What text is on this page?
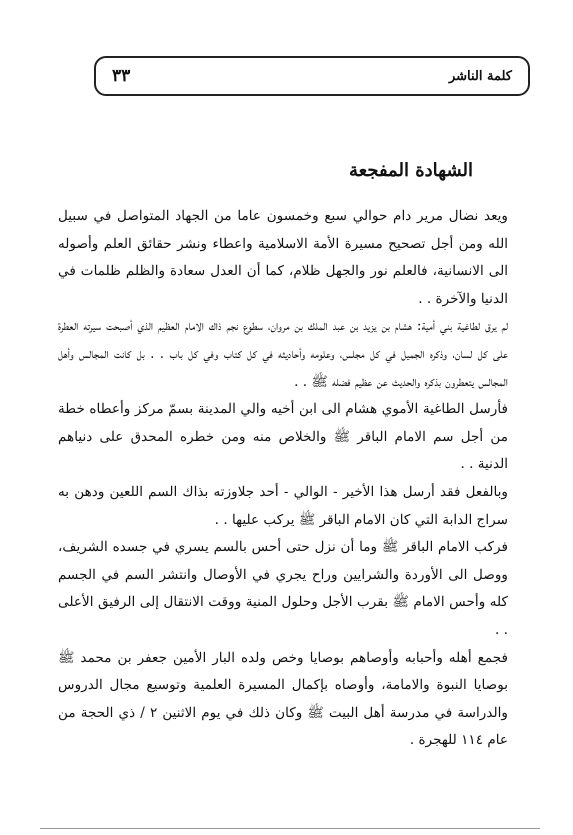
٣٣	كلمة الناشر
الشهادة المفجعة

ويعد نضال مرير دام حوالي سبع وخمسون عاما من الجهاد المتواصل في سبيل الله ومن أجل تصحيح مسيرة الأمة الاسلامية واعطاء ونشر حقائق العلم وأصوله الى الانسانية، فالعلم نور والجهل ظلام، كما أن العدل سعادة والظلم ظلمات في الدنيا والآخرة . .

لم يرق لطاغية بني أمية: هشام بن يزيد بن عبد الملك بن مروان، سطوع نجم ذاك الامام العظيم الذي أصبحت سيرته العطرة على كل لسان، وذكره الجميل في كل مجلس، وعلومه وأحاديثه في كل كتاب وفي كل باب . . بل كانت المجالس وأهل المجالس يتعطرون بذكره والحديث عن عظيم فضله ﷺ . .

فأرسل الطاغية الأموي هشام الى ابن أخيه والي المدينة بسمّ مركز وأعطاه خطة من أجل سم الامام الباقر ﷺ والخلاص منه ومن خطره المحدق على دنياهم الدنية . .

وبالفعل فقد أرسل هذا الأخير - الوالي - أحد جلاوزته بذاك السم اللعين ودهن به سراج الدابة التي كان الامام الباقر ﷺ يركب عليها . .

فركب الامام الباقر ﷺ وما أن نزل حتى أحس بالسم يسري في جسده الشريف، ووصل الى الأوردة والشرايين وراح يجري في الأوصال وانتشر السم في الجسم كله وأحس الامام ﷺ بقرب الأجل وحلول المنية ووقت الانتقال إلى الرفيق الأعلى . .

فجمع أهله وأحبابه وأوصاهم بوصايا وخص ولده البار الأمين جعفر بن محمد ﷺ بوصايا النبوة والامامة، وأوصاه بإكمال المسيرة العلمية وتوسيع مجال الدروس والدراسة في مدرسة أهل البيت ﷺ وكان ذلك في يوم الاثنين ٢ / ذي الحجة من عام ١١٤ للهجرة .
